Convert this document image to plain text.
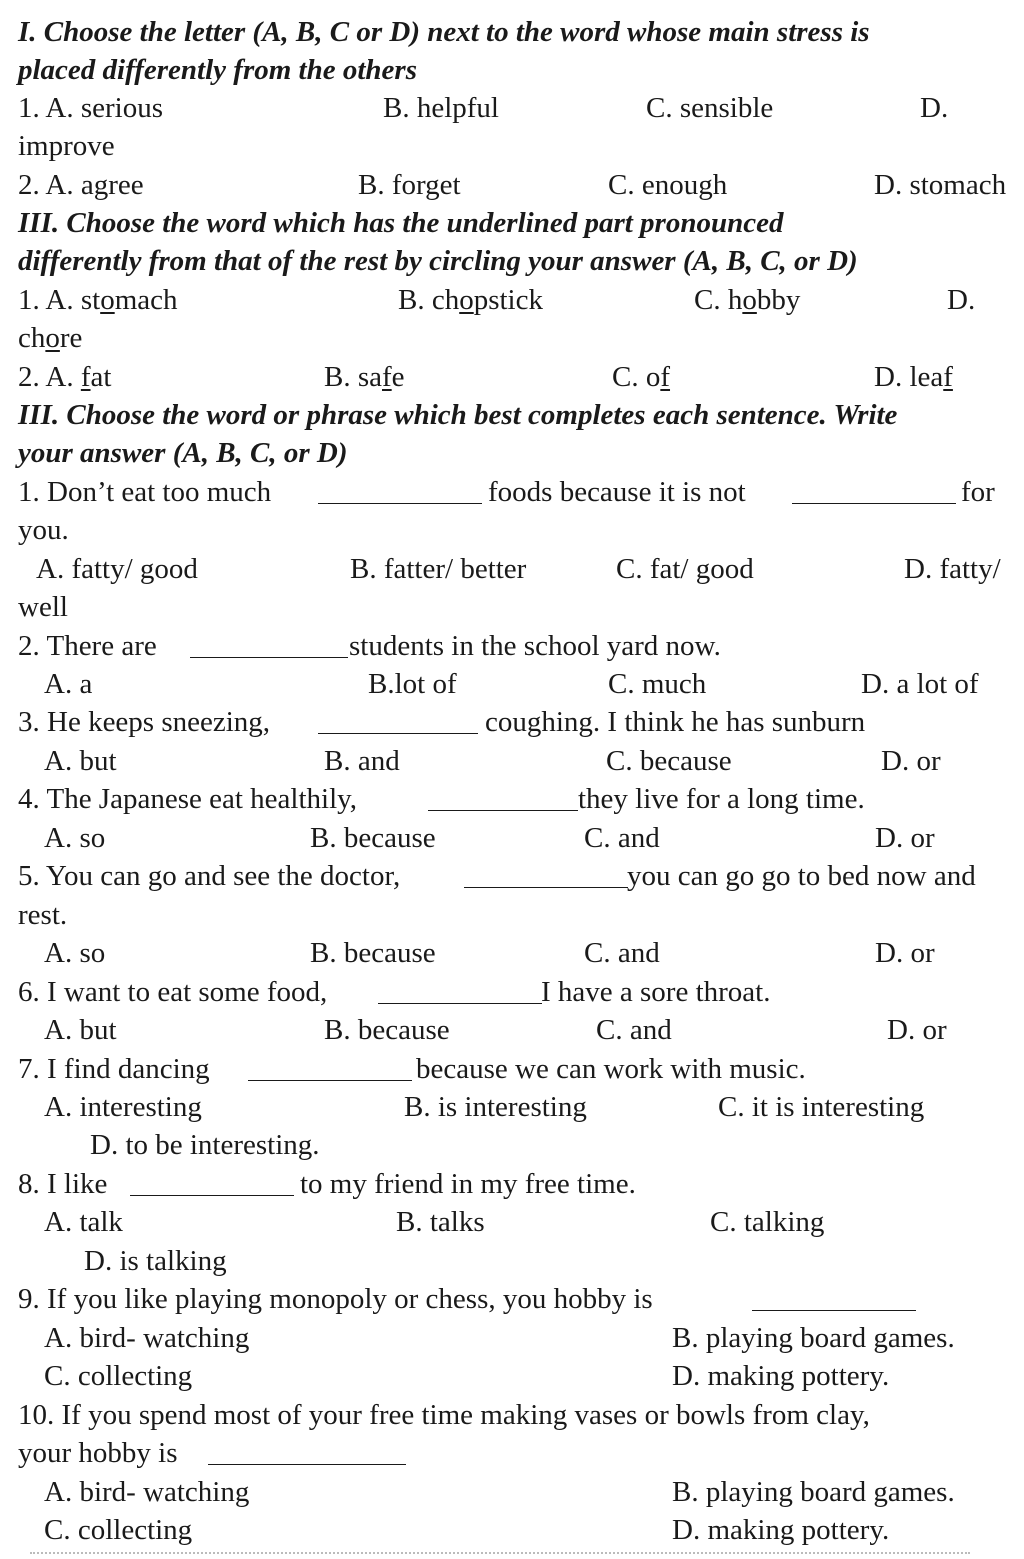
I. Choose the letter (A, B, C or D) next to the word whose main stress is
placed differently from the others
1. A. serious	B. helpful	C. sensible	D.
improve
2. A. agree	B. forget	C. enough	D. stomach
III. Choose the word which has the underlined part pronounced
differently from that of the rest by circling your answer (A, B, C, or D)
1. A. stomach	B. chopstick	C. hobby	D.
chore
2. A. fat	B. safe	C. of	D. leaf
III. Choose the word or phrase which best completes each sentence. Write
your answer (A, B, C, or D)
1. Don’t eat too much	foods because it is not	for
you.
A. fatty/ good	B. fatter/ better	C. fat/ good	D. fatty/
well
2. There are	students in the school yard now.
A. a	B.lot of	C. much	D. a lot of
3. He keeps sneezing,	coughing. I think he has sunburn
A. but	B. and	C. because	D. or
4. The Japanese eat healthily,	they live for a long time.
A. so	B. because	C. and	D. or
5. You can go and see the doctor,	you can go go to bed now and
rest.
A. so	B. because	C. and	D. or
6. I want to eat some food,	I have a sore throat.
A. but	B. because	C. and	D. or
7. I find dancing	because we can work with music.
A. interesting	B. is interesting	C. it is interesting
D. to be interesting.
8. I like	to my friend in my free time.
A. talk	B. talks	C. talking
D. is talking
9. If you like playing monopoly or chess, you hobby is
A. bird- watching	B. playing board games.
C. collecting	D. making pottery.
10. If you spend most of your free time making vases or bowls from clay,
your hobby is
A. bird- watching	B. playing board games.
C. collecting	D. making pottery.
